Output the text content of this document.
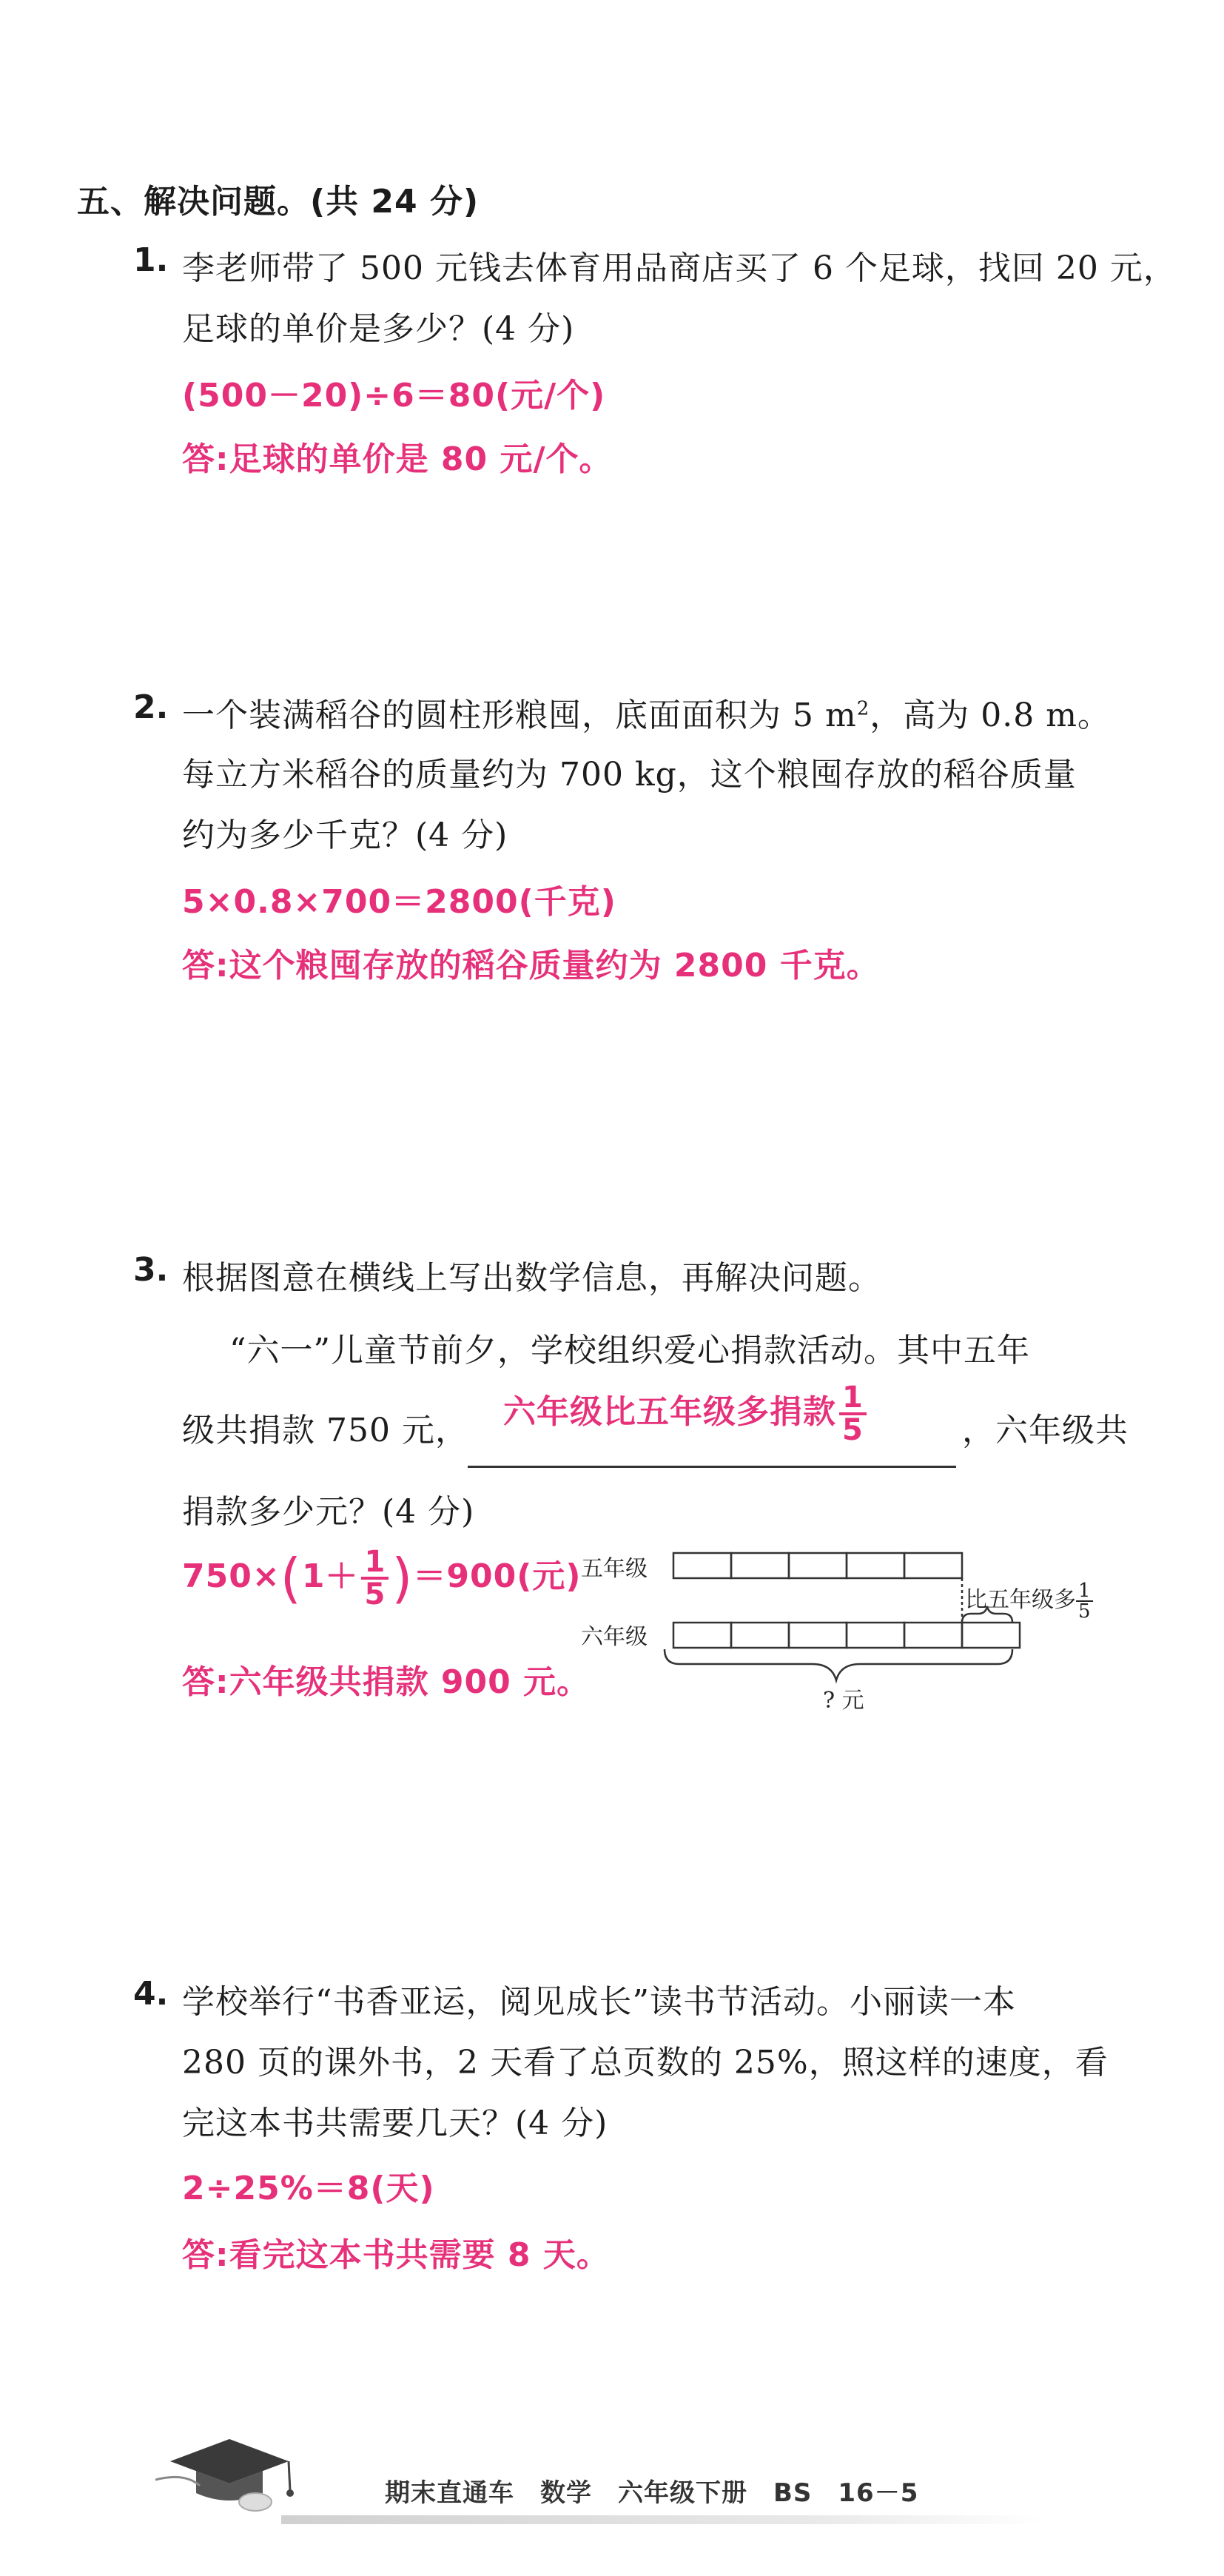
五、解决问题。(共 24 分)
1. 李老师带了 500 元钱去体育用品商店买了 6 个足球，找回 20 元，
足球的单价是多少？(4 分)
(500－20)÷6＝80(元/个)
答:足球的单价是 80 元/个。
2. 一个装满稻谷的圆柱形粮囤，底面面积为 5 $m^2$，高为 0.8 m。
每立方米稻谷的质量约为 700 kg，这个粮囤存放的稻谷质量
约为多少千克？(4 分)
5×0.8×700＝2800(千克)
答:这个粮囤存放的稻谷质量约为 2800 千克。
3. 根据图意在横线上写出数学信息，再解决问题。
“六一”儿童节前夕，学校组织爱心捐款活动。其中五年
级共捐款 750 元， 六年级比五年级多捐款 $\frac{1}{5}$	，六年级共
捐款多少元？(4 分)
$750\times(1+ \frac{1}{5} )=900$(元)
答:六年级共捐款 900 元。
五年级
六年级
比五年级多 $\frac{1}{5}$
? 元
4. 学校举行“书香亚运，阅见成长”读书节活动。小丽读一本
280 页的课外书，2 天看了总页数的 25%，照这样的速度，看
完这本书共需要几天？(4 分)
2÷25%＝8(天)
答:看完这本书共需要 8 天。
期末直通车　数学　六年级下册　BS　16－5
